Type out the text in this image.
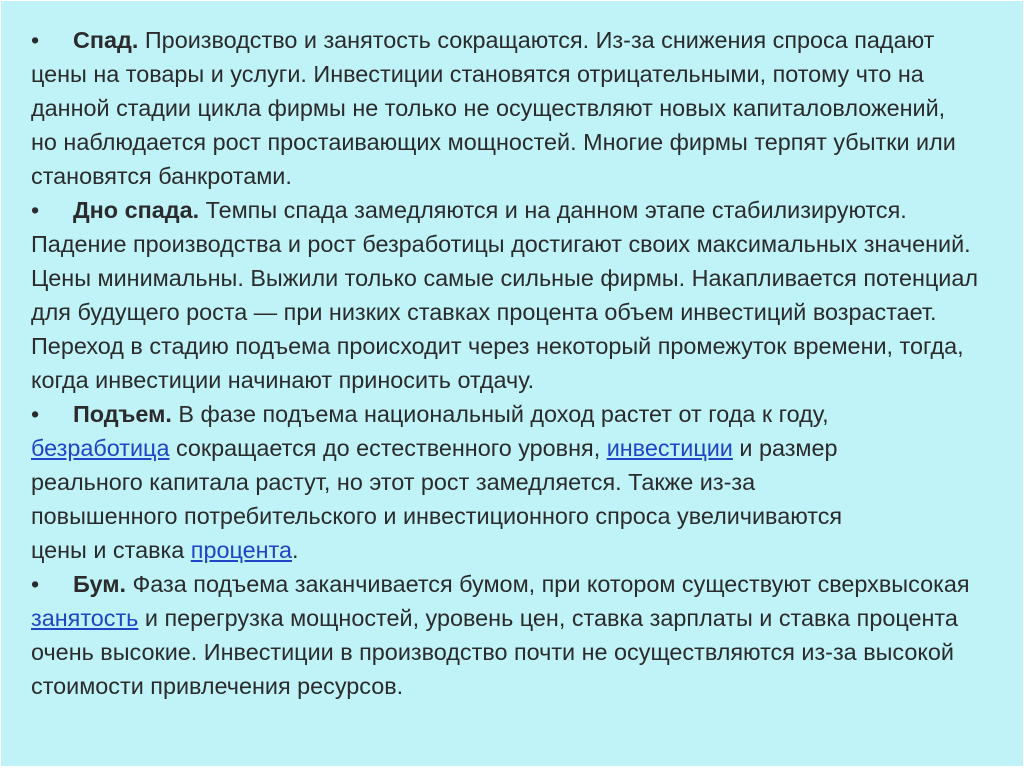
• Спад. Производство и занятость сокращаются. Из-за снижения спроса падают цены на товары и услуги. Инвестиции становятся отрицательными, потому что на данной стадии цикла фирмы не только не осуществляют новых капиталовложений, но наблюдается рост простаивающих мощностей. Многие фирмы терпят убытки или становятся банкротами.

• Дно спада. Темпы спада замедляются и на данном этапе стабилизируются. Падение производства и рост безработицы достигают своих максимальных значений. Цены минимальны. Выжили только самые сильные фирмы. Накапливается потенциал для будущего роста — при низких ставках процента объем инвестиций возрастает. Переход в стадию подъема происходит через некоторый промежуток времени, тогда, когда инвестиции начинают приносить отдачу.

• Подъем. В фазе подъема национальный доход растет от года к году, безработица сокращается до естественного уровня, инвестиции и размер реального капитала растут, но этот рост замедляется. Также из-за повышенного потребительского и инвестиционного спроса увеличиваются цены и ставка процента.

• Бум. Фаза подъема заканчивается бумом, при котором существуют сверхвысокая  занятость и перегрузка мощностей, уровень цен, ставка зарплаты и ставка процента очень высокие. Инвестиции в производство почти не осуществляются из-за высокой стоимости привлечения ресурсов.
